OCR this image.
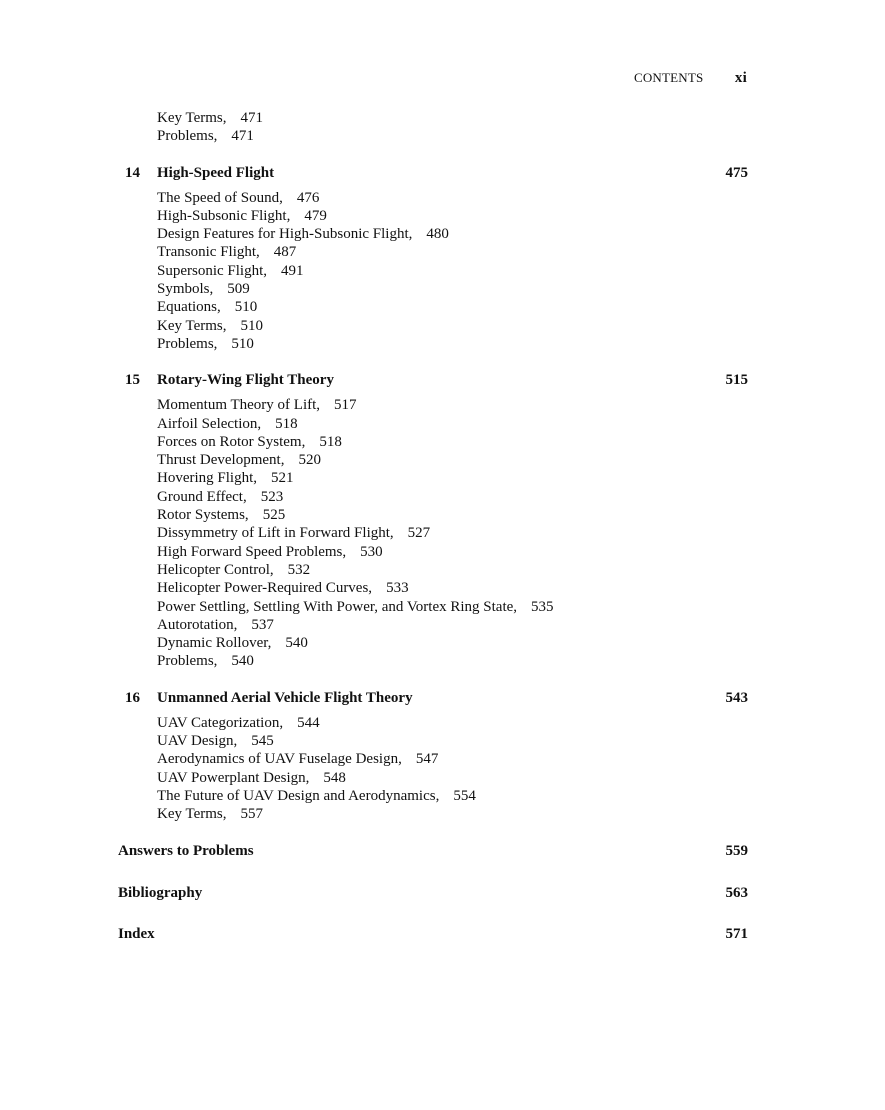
CONTENTS xi
Key Terms, 471
Problems, 471
14	High-Speed Flight	475
The Speed of Sound, 476
High-Subsonic Flight, 479
Design Features for High-Subsonic Flight, 480
Transonic Flight, 487
Supersonic Flight, 491
Symbols, 509
Equations, 510
Key Terms, 510
Problems, 510
15	Rotary-Wing Flight Theory	515
Momentum Theory of Lift, 517
Airfoil Selection, 518
Forces on Rotor System, 518
Thrust Development, 520
Hovering Flight, 521
Ground Effect, 523
Rotor Systems, 525
Dissymmetry of Lift in Forward Flight, 527
High Forward Speed Problems, 530
Helicopter Control, 532
Helicopter Power-Required Curves, 533
Power Settling, Settling With Power, and Vortex Ring State, 535
Autorotation, 537
Dynamic Rollover, 540
Problems, 540
16	Unmanned Aerial Vehicle Flight Theory	543
UAV Categorization, 544
UAV Design, 545
Aerodynamics of UAV Fuselage Design, 547
UAV Powerplant Design, 548
The Future of UAV Design and Aerodynamics, 554
Key Terms, 557
Answers to Problems	559
Bibliography	563
Index	571
